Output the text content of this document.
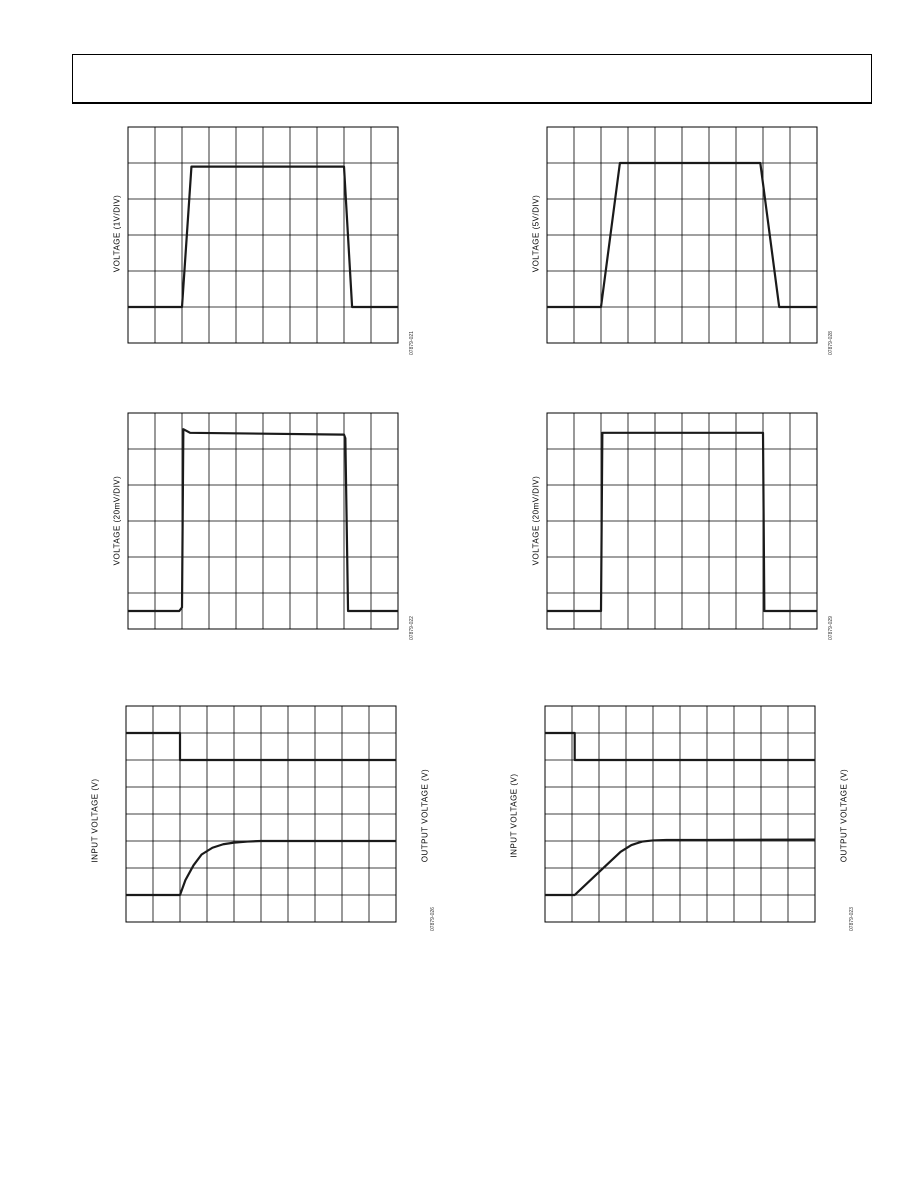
VOLTAGE (1V/DIV)
07879-021
VOLTAGE (5V/DIV)
07879-028
VOLTAGE (20mV/DIV)
07879-022
VOLTAGE (20mV/DIV)
07879-029
INPUT VOLTAGE (V)	OUTPUT VOLTAGE (V)
07879-026
INPUT VOLTAGE (V)	OUTPUT VOLTAGE (V)
07879-023
